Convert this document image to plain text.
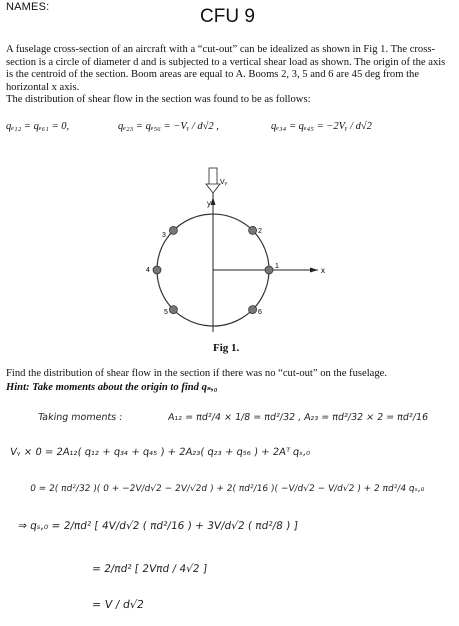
NAMES:	CFU 9

A fuselage cross-section of an aircraft with a “cut-out” can be idealized as shown in Fig 1. The cross-section is a circle of diameter d and is subjected to a vertical shear load as shown. The origin of the axis is the centroid of the section. Boom areas are equal to A. Booms 2, 3, 5 and 6 are 45 deg from the horizontal x axis.

The distribution of shear flow in the section was found to be as follows:

qₑ₁₂ = qₑ₆₁ = 0,	qₑ₂₃ = qₑ₅₆ = −Vᵧ / d√2 ,	qₑ₃₄ = qₑ₄₅ = −2Vᵧ / d√2
y
x
Vᵧ
1
2
3
4
5	6
Fig 1.
Find the distribution of shear flow in the section if there was no “cut-out” on the fuselage.
Hint: Take moments about the origin to find qₛ,₀
Taking moments :	A₁₂ = πd²/4 × 1/8 = πd²/32 , A₂₃ = πd²/32 × 2 = πd²/16
Vᵧ × 0 = 2A₁₂( q₁₂ + q₃₄ + q₄₅ ) + 2A₂₃( q₂₃ + q₅₆ ) + 2Aᵀ qₛ,₀
0 = 2( πd²/32 )( 0 + −2V/d√2 − 2V/√2d ) + 2( πd²/16 )( −V/d√2 − V/d√2 ) + 2 πd²/4 qₛ,₀
⇒ qₛ,₀ = 2/πd² [ 4V/d√2 ( πd²/16 ) + 3V/d√2 ( πd²/8 ) ]
= 2/πd² [ 2Vπd / 4√2 ]
= V / d√2
